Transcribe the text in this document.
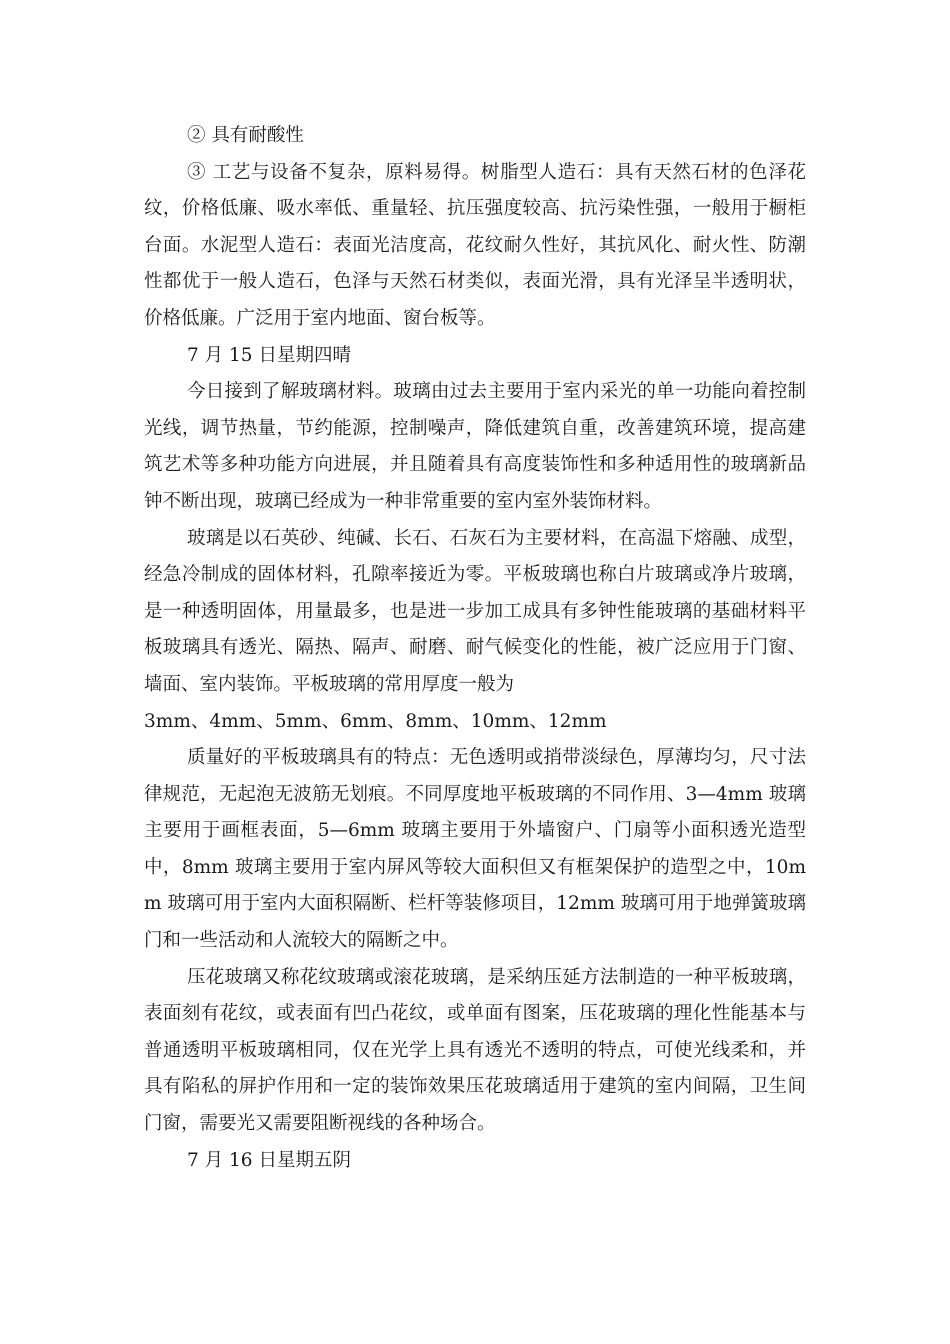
② 具有耐酸性

③ 工艺与设备不复杂，原料易得。树脂型人造石：具有天然石材的色泽花纹，价格低廉、吸水率低、重量轻、抗压强度较高、抗污染性强，一般用于橱柜台面。水泥型人造石：表面光洁度高，花纹耐久性好，其抗风化、耐火性、防潮性都优于一般人造石，色泽与天然石材类似，表面光滑，具有光泽呈半透明状，价格低廉。广泛用于室内地面、窗台板等。

7 月 15 日星期四晴

今日接到了解玻璃材料。玻璃由过去主要用于室内采光的单一功能向着控制光线，调节热量，节约能源，控制噪声，降低建筑自重，改善建筑环境，提高建筑艺术等多种功能方向进展，并且随着具有高度装饰性和多种适用性的玻璃新品钟不断出现，玻璃已经成为一种非常重要的室内室外装饰材料。

玻璃是以石英砂、纯碱、长石、石灰石为主要材料，在高温下熔融、成型，经急冷制成的固体材料，孔隙率接近为零。平板玻璃也称白片玻璃或净片玻璃，是一种透明固体，用量最多，也是进一步加工成具有多钟性能玻璃的基础材料平板玻璃具有透光、隔热、隔声、耐磨、耐气候变化的性能，被广泛应用于门窗、墙面、室内装饰。平板玻璃的常用厚度一般为

3mm、4mm、5mm、6mm、8mm、10mm、12mm

质量好的平板玻璃具有的特点：无色透明或捎带淡绿色，厚薄均匀，尺寸法律规范，无起泡无波筋无划痕。不同厚度地平板玻璃的不同作用、3—4mm 玻璃主要用于画框表面，5—6mm 玻璃主要用于外墙窗户、门扇等小面积透光造型中，8mm 玻璃主要用于室内屏风等较大面积但又有框架保护的造型之中，10mm 玻璃可用于室内大面积隔断、栏杆等装修项目，12mm 玻璃可用于地弹簧玻璃门和一些活动和人流较大的隔断之中。

压花玻璃又称花纹玻璃或滚花玻璃，是采纳压延方法制造的一种平板玻璃，表面刻有花纹，或表面有凹凸花纹，或单面有图案，压花玻璃的理化性能基本与普通透明平板玻璃相同，仅在光学上具有透光不透明的特点，可使光线柔和，并具有陷私的屏护作用和一定的装饰效果压花玻璃适用于建筑的室内间隔，卫生间门窗，需要光又需要阻断视线的各种场合。

7 月 16 日星期五阴
